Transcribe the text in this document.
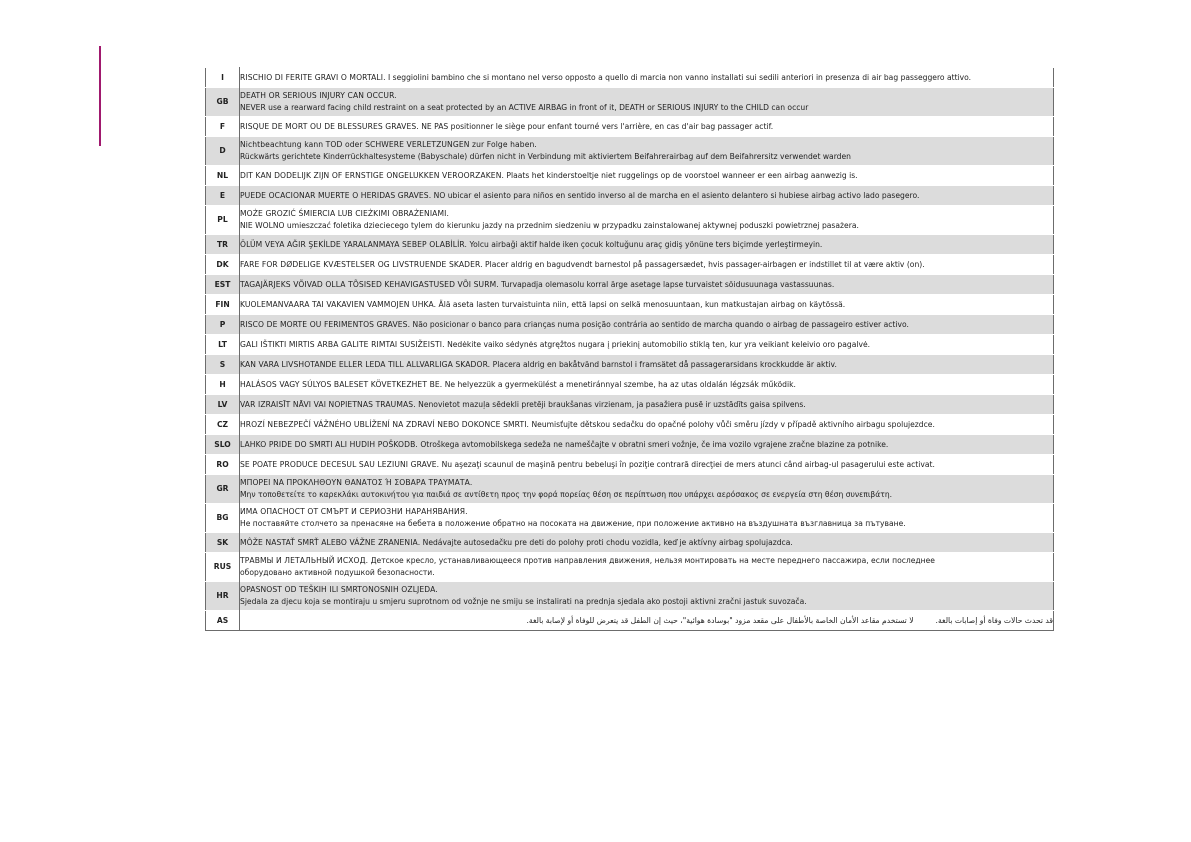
I	RISCHIO DI FERITE GRAVI O MORTALI. I seggiolini bambino che si montano nel verso opposto a quello di marcia non vanno installati sui sedili anteriori in presenza di air bag passeggero attivo.
GB	DEATH OR SERIOUS INJURY CAN OCCUR.
NEVER use a rearward facing child restraint on a seat protected by an ACTIVE AIRBAG in front of it, DEATH or SERIOUS INJURY to the CHILD can occur

F	RISQUE DE MORT OU DE BLESSURES GRAVES. NE PAS positionner le siège pour enfant tourné vers l'arrière, en cas d'air bag passager actif.
D	Nichtbeachtung kann TOD oder SCHWERE VERLETZUNGEN zur Folge haben.
Rückwärts gerichtete Kinderrückhaltesysteme (Babyschale) dürfen nicht in Verbindung mit aktiviertem Beifahrerairbag auf dem Beifahrersitz verwendet warden

NL	DIT KAN DODELIJK ZIJN OF ERNSTIGE ONGELUKKEN VEROORZAKEN. Plaats het kinderstoeltje niet ruggelings op de voorstoel wanneer er een airbag aanwezig is.
E	PUEDE OCACIONAR MUERTE O HERIDAS GRAVES. NO ubicar el asiento para niños en sentido inverso al de marcha en el asiento delantero si hubiese airbag activo lado pasegero.
PL	MOŻE GROZIĆ ŚMIERCIA LUB CIEŻKIMI OBRAŻENIAMI.
NIE WOLNO umieszczać foletika dzieciecego tylem do kierunku jazdy na przednim siedzeniu w przypadku zainstalowanej aktywnej poduszki powietrznej pasażera.

TR	ÖLÜM VEYA AĞIR ŞEKİLDE YARALANMAYA SEBEP OLABİLİR. Yolcu airbaği aktif halde iken çocuk koltuğunu araç gidiş yönüne ters biçimde yerleştirmeyin.
DK	FARE FOR DØDELIGE KVÆSTELSER OG LIVSTRUENDE SKADER. Placer aldrig en bagudvendt barnestol på passagersædet, hvis passager-airbagen er indstillet til at være aktiv (on).
EST	TAGAJÄRJEKS VÕIVAD OLLA TÕSISED KEHAVIGASTUSED VÕI SURM. Turvapadja olemasolu korral ärge asetage lapse turvaistet sõidusuunaga vastassuunas.
FIN	KUOLEMANVAARA TAI VAKAVIEN VAMMOJEN UHKA. Älä aseta lasten turvaistuinta niin, että lapsi on selkä menosuuntaan, kun matkustajan airbag on käytössä.
P	RISCO DE MORTE OU FERIMENTOS GRAVES. Não posicionar o banco para crianças numa posição contrária ao sentido de marcha quando o airbag de passageiro estiver activo.
LT	GALI IŠTIKTI MIRTIS ARBA GALITE RIMTAI SUSIŽEISTI. Nedėkite vaiko sėdynės atgręžtos nugara į priekinį automobilio stiklą ten, kur yra veikiant keleivio oro pagalvė.
S	KAN VARA LIVSHOTANDE ELLER LEDA TILL ALLVARLIGA SKADOR. Placera aldrig en bakåtvänd barnstol i framsätet då passagerarsidans krockkudde är aktiv.
H	HALÁSOS VAGY SÚLYOS BALESET KÖVETKEZHET BE. Ne helyezzük a gyermekülést a menetiránnyal szembe, ha az utas oldalán légzsák működik.
LV	VAR IZRAISĪT NĀVI VAI NOPIETNAS TRAUMAS. Nenovietot mazuļa sēdekli pretēji braukšanas virzienam, ja pasažiera pusē ir uzstādīts gaisa spilvens.
CZ	HROZÍ NEBEZPEČÍ VÁŽNÉHO UBLÍŽENÍ NA ZDRAVÍ NEBO DOKONCE SMRTI. Neumisťujte dětskou sedačku do opačné polohy vůči směru jízdy v případě aktivního airbagu spolujezdce.
SLO	LAHKO PRIDE DO SMRTI ALI HUDIH POŠKODB. Otroškega avtomobilskega sedeža ne nameščajte v obratni smeri vožnje, če ima vozilo vgrajene zračne blazine za potnike.
RO	SE POATE PRODUCE DECESUL SAU LEZIUNI GRAVE. Nu aşezaţi scaunul de maşină pentru bebeluşi în poziţie contrară direcţiei de mers atunci când airbag-ul pasagerului este activat.
GR	ΜΠΟΡΕΙ ΝΑ ΠΡΟΚΛΗΘΟΥΝ ΘΑΝΑΤΟΣ Ή ΣΟΒΑΡΑ ΤΡΑΥΜΑΤΑ.
Μην τοποθετείτε το καρεκλάκι αυτοκινήτου για παιδιά σε αντίθετη προς την φορά πορείας θέση σε περίπτωση που υπάρχει αερόσακος σε ενεργεία στη θέση συνεπιβάτη.

BG	ИМА ОПАСНОСТ ОТ СМЪРТ И СЕРИОЗНИ НАРАНЯВАНИЯ.
Не поставяйте столчето за пренасяне на бебета в положение обратно на посоката на движение, при положение активно на въздушната възглавница за пътуване.

SK	MÔŽE NASTAŤ SMRŤ ALEBO VÁŽNE ZRANENIA. Nedávajte autosedačku pre deti do polohy proti chodu vozidla, keď je aktívny airbag spolujazdca.
RUS	ТРАВМЫ И ЛЕТАЛЬНЫЙ ИСХОД. Детское кресло, устанавливающееся против направления движения, нельзя монтировать на месте переднего пассажира, если последнее
оборудовано активной подушкой безопасности.

HR	OPASNOST OD TEŠKIH ILI SMRTONOSNIH OZLJEDA.
Sjedala za djecu koja se montiraju u smjeru suprotnom od vožnje ne smiju se instalirati na prednja sjedala ako postoji aktivni zračni jastuk suvozača.

AS	قد تحدث حالات وفاة أو إصابات بالغة.لا تستخدم مقاعد الأمان الخاصة بالأطفال على مقعد مزود "بوسادة هوائية"، حيث إن الطفل قد يتعرض للوفاة أو لإصابة بالغة.
